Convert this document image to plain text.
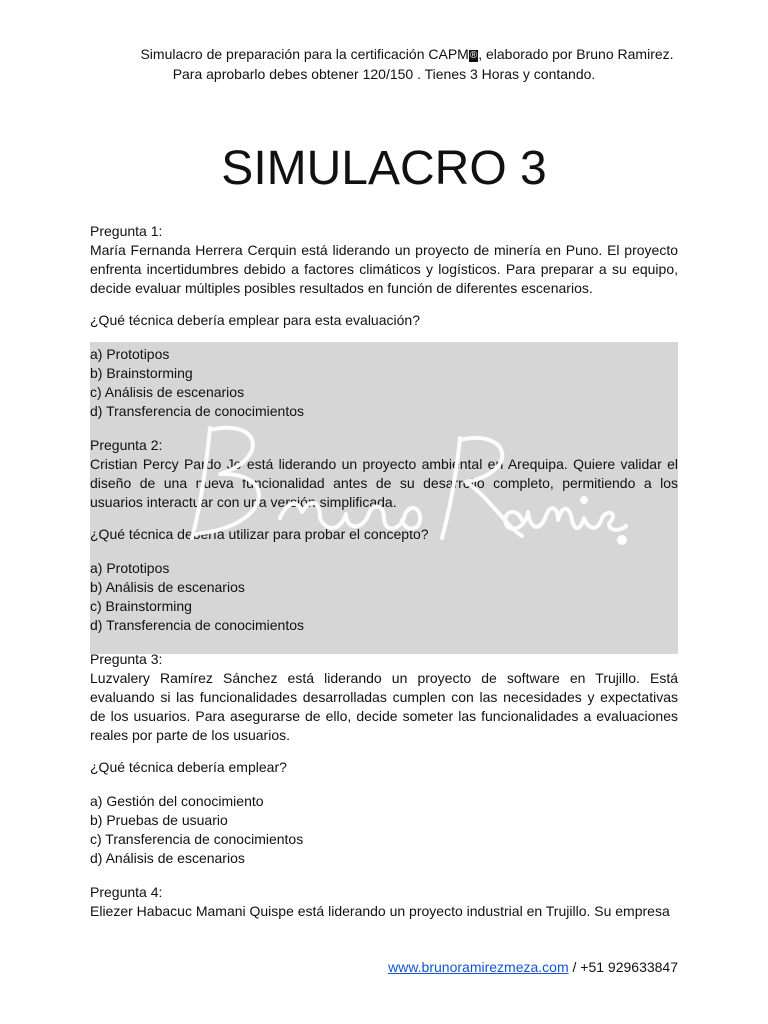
Simulacro de preparación para la certificación CAPM®, elaborado por Bruno Ramirez.
Para aprobarlo debes obtener 120/150 . Tienes 3 Horas y contando.
SIMULACRO 3

Pregunta 1:

María Fernanda Herrera Cerquin está liderando un proyecto de minería en Puno. El proyecto enfrenta incertidumbres debido a factores climáticos y logísticos. Para preparar a su equipo, decide evaluar múltiples posibles resultados en función de diferentes escenarios.

¿Qué técnica debería emplear para esta evaluación?
a) Prototipos
b) Brainstorming
c) Análisis de escenarios
d) Transferencia de conocimientos

Pregunta 2:

Cristian Percy Pardo Jo está liderando un proyecto ambiental en Arequipa. Quiere validar el diseño de una nueva funcionalidad antes de su desarrollo completo, permitiendo a los usuarios interactuar con una versión simplificada.

¿Qué técnica debería utilizar para probar el concepto?
a) Prototipos
b) Análisis de escenarios
c) Brainstorming
d) Transferencia de conocimientos

Pregunta 3:

Luzvalery Ramírez Sánchez está liderando un proyecto de software en Trujillo. Está evaluando si las funcionalidades desarrolladas cumplen con las necesidades y expectativas de los usuarios. Para asegurarse de ello, decide someter las funcionalidades a evaluaciones reales por parte de los usuarios.

¿Qué técnica debería emplear?
a) Gestión del conocimiento
b) Pruebas de usuario
c) Transferencia de conocimientos
d) Análisis de escenarios

Pregunta 4:

Eliezer Habacuc Mamani Quispe está liderando un proyecto industrial en Trujillo. Su empresa

www.brunoramirezmeza.com / +51 929633847
